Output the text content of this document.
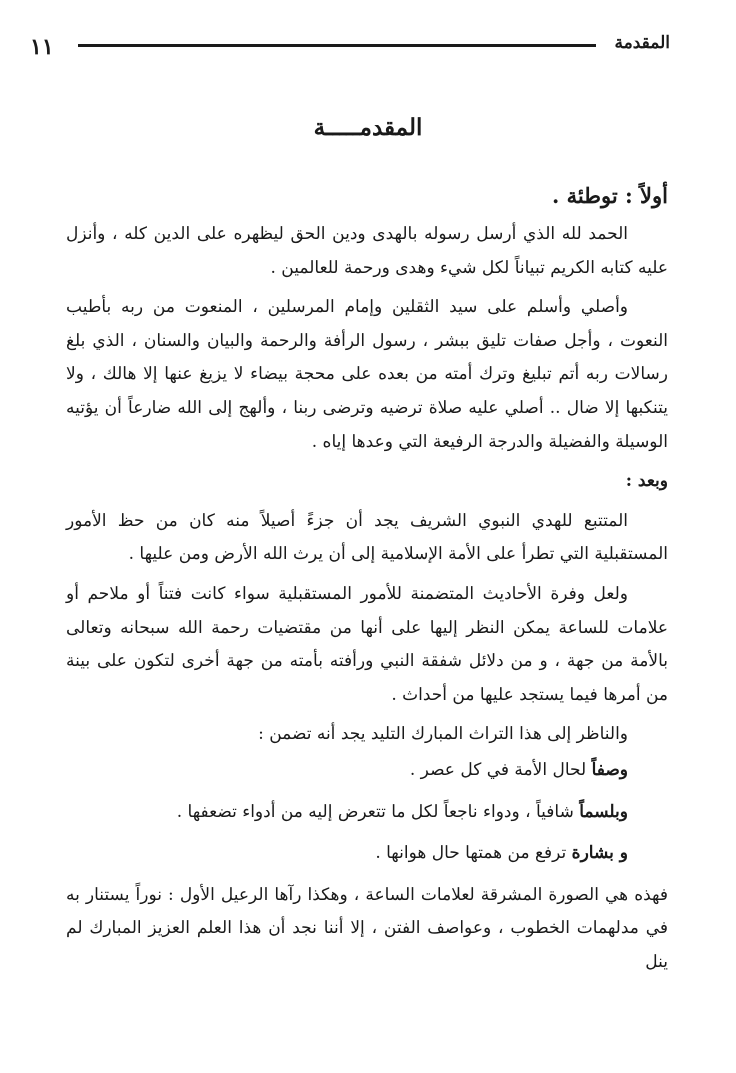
المقدمة
١١
المقدمـــــة
أولاً : توطئة .

الحمد لله الذي أرسل رسوله بالهدى ودين الحق ليظهره على الدين كله ، وأنزل عليه كتابه الكريم تبياناً لكل شيء وهدى ورحمة للعالمين .

وأصلي وأسلم على سيد الثقلين وإمام المرسلين ، المنعوت من ربه بأطيب النعوت ، وأجل صفات تليق ببشر ، رسول الرأفة والرحمة والبيان والسنان ، الذي بلغ رسالات ربه أتم تبليغ وترك أمته من بعده على محجة بيضاء لا يزيغ عنها إلا هالك ، ولا يتنكبها إلا ضال .. أصلي عليه صلاة ترضيه وترضى ربنا ، وألهج إلى الله ضارعاً أن يؤتيه الوسيلة والفضيلة والدرجة الرفيعة التي وعدها إياه .

وبعد :

المتتبع للهدي النبوي الشريف يجد أن جزءً أصيلاً منه كان من حظ الأمور المستقبلية التي تطرأ على الأمة الإسلامية إلى أن يرث الله الأرض ومن عليها .

ولعل وفرة الأحاديث المتضمنة للأمور المستقبلية سواء كانت فتناً أو ملاحم أو علامات للساعة يمكن النظر إليها على أنها من مقتضيات رحمة الله سبحانه وتعالى بالأمة من جهة ، و من دلائل شفقة النبي ورأفته بأمته من جهة أخرى لتكون على بينة من أمرها فيما يستجد عليها من أحداث .

والناظر إلى هذا التراث المبارك التليد يجد أنه تضمن :

وصفاً لحال الأمة في كل عصر .

وبلسماً شافياً ، ودواء ناجعاً لكل ما تتعرض إليه من أدواء تضعفها .

و بشارة ترفع من همتها حال هوانها .

فهذه هي الصورة المشرقة لعلامات الساعة ، وهكذا رآها الرعيل الأول : نوراً يستنار به في مدلهمات الخطوب ، وعواصف الفتن ، إلا أننا نجد أن هذا العلم العزيز المبارك لم ينل
